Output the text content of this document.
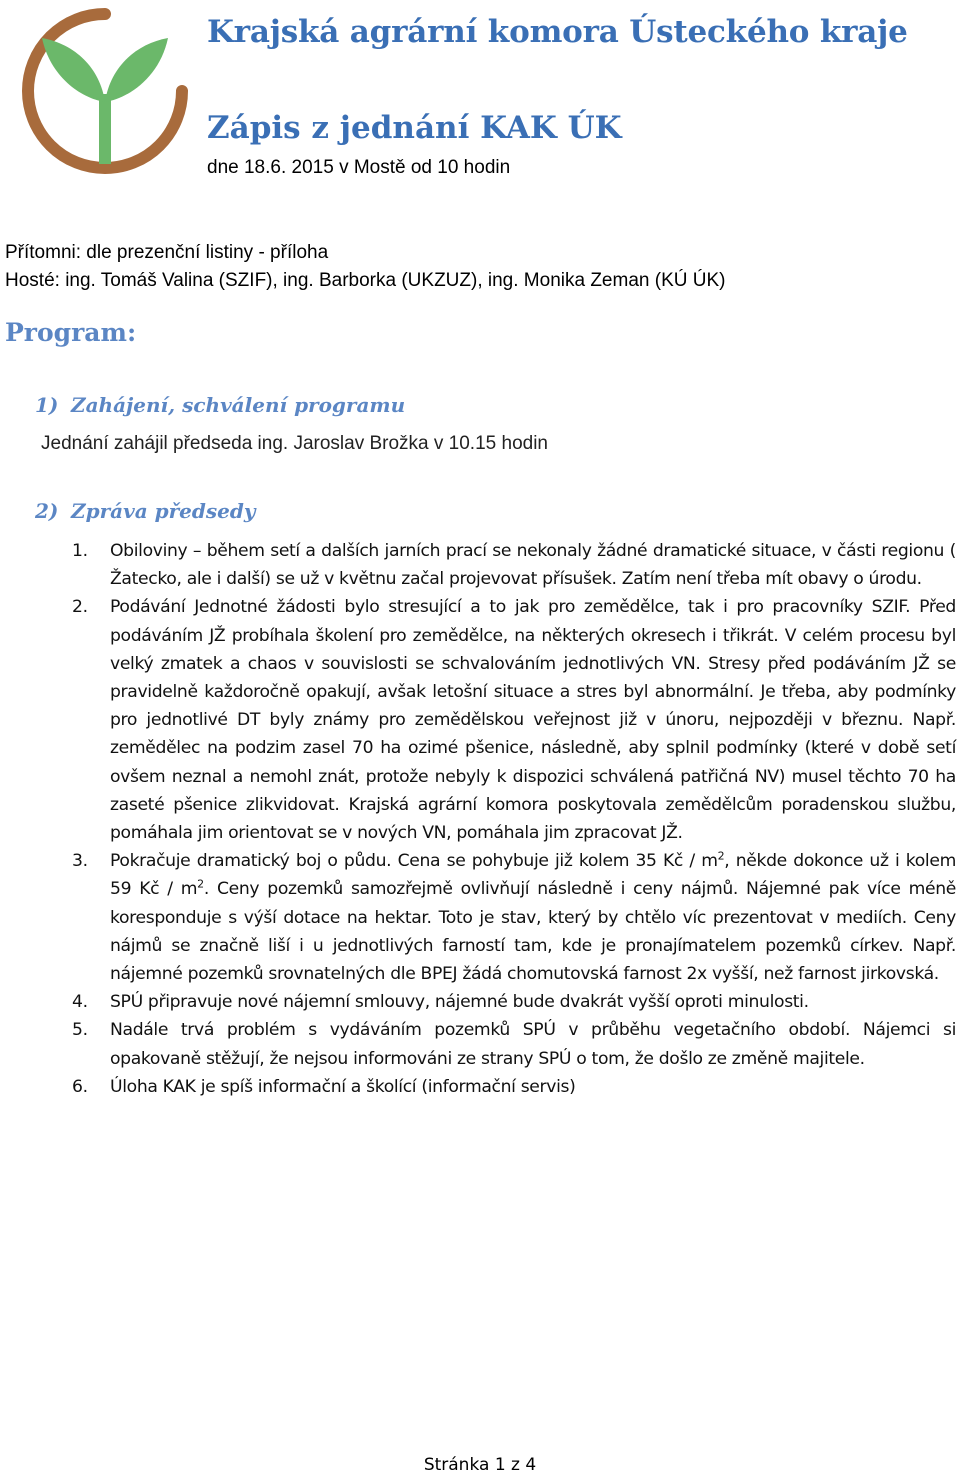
Krajská agrární komora Ústeckého kraje
Zápis z jednání KAK ÚK
dne 18.6. 2015 v Mostě od 10 hodin
Přítomni: dle prezenční listiny - příloha
Hosté: ing. Tomáš Valina (SZIF), ing. Barborka (UKZUZ), ing. Monika Zeman (KÚ ÚK)
Program:
1) Zahájení, schválení programu
Jednání zahájil předseda ing. Jaroslav Brožka v 10.15 hodin
2) Zpráva předsedy
1. Obiloviny – během setí a dalších jarních prací se nekonaly žádné dramatické situace, v části regionu ( Žatecko, ale i další) se už v květnu začal projevovat přísušek. Zatím není třeba mít obavy o úrodu.
2. Podávání Jednotné žádosti bylo stresující a to jak pro zemědělce, tak i pro pracovníky SZIF. Před podáváním JŽ probíhala školení pro zemědělce, na některých okresech i třikrát. V celém procesu byl velký zmatek a chaos v souvislosti se schvalováním jednotlivých VN. Stresy před podáváním JŽ se pravidelně každoročně opakují, avšak letošní situace a stres byl abnormální. Je třeba, aby podmínky pro jednotlivé DT byly známy pro zemědělskou veřejnost již v únoru, nejpozději v březnu. Např. zemědělec na podzim zasel 70 ha ozimé pšenice, následně, aby splnil podmínky (které v době setí ovšem neznal a nemohl znát, protože nebyly k dispozici schválená patřičná NV) musel těchto 70 ha zaseté pšenice zlikvidovat. Krajská agrární komora poskytovala zemědělcům poradenskou službu, pomáhala jim orientovat se v nových VN, pomáhala jim zpracovat JŽ.
3. Pokračuje dramatický boj o půdu. Cena se pohybuje již kolem 35 Kč / $m^2$, někde dokonce už i kolem 59 Kč / $m^2$. Ceny pozemků samozřejmě ovlivňují následně i ceny nájmů. Nájemné pak více méně koresponduje s výší dotace na hektar. Toto je stav, který by chtělo víc prezentovat v mediích. Ceny nájmů se značně liší i u jednotlivých farností tam, kde je pronajímatelem pozemků církev. Např. nájemné pozemků srovnatelných dle BPEJ žádá chomutovská farnost 2x vyšší, než farnost jirkovská.
4. SPÚ připravuje nové nájemní smlouvy, nájemné bude dvakrát vyšší oproti minulosti.
5. Nadále trvá problém s vydáváním pozemků SPÚ v průběhu vegetačního období. Nájemci si opakovaně stěžují, že nejsou informováni ze strany SPÚ o tom, že došlo ze změně majitele.
6. Úloha KAK je spíš informační a školící (informační servis)
Stránka 1 z 4
